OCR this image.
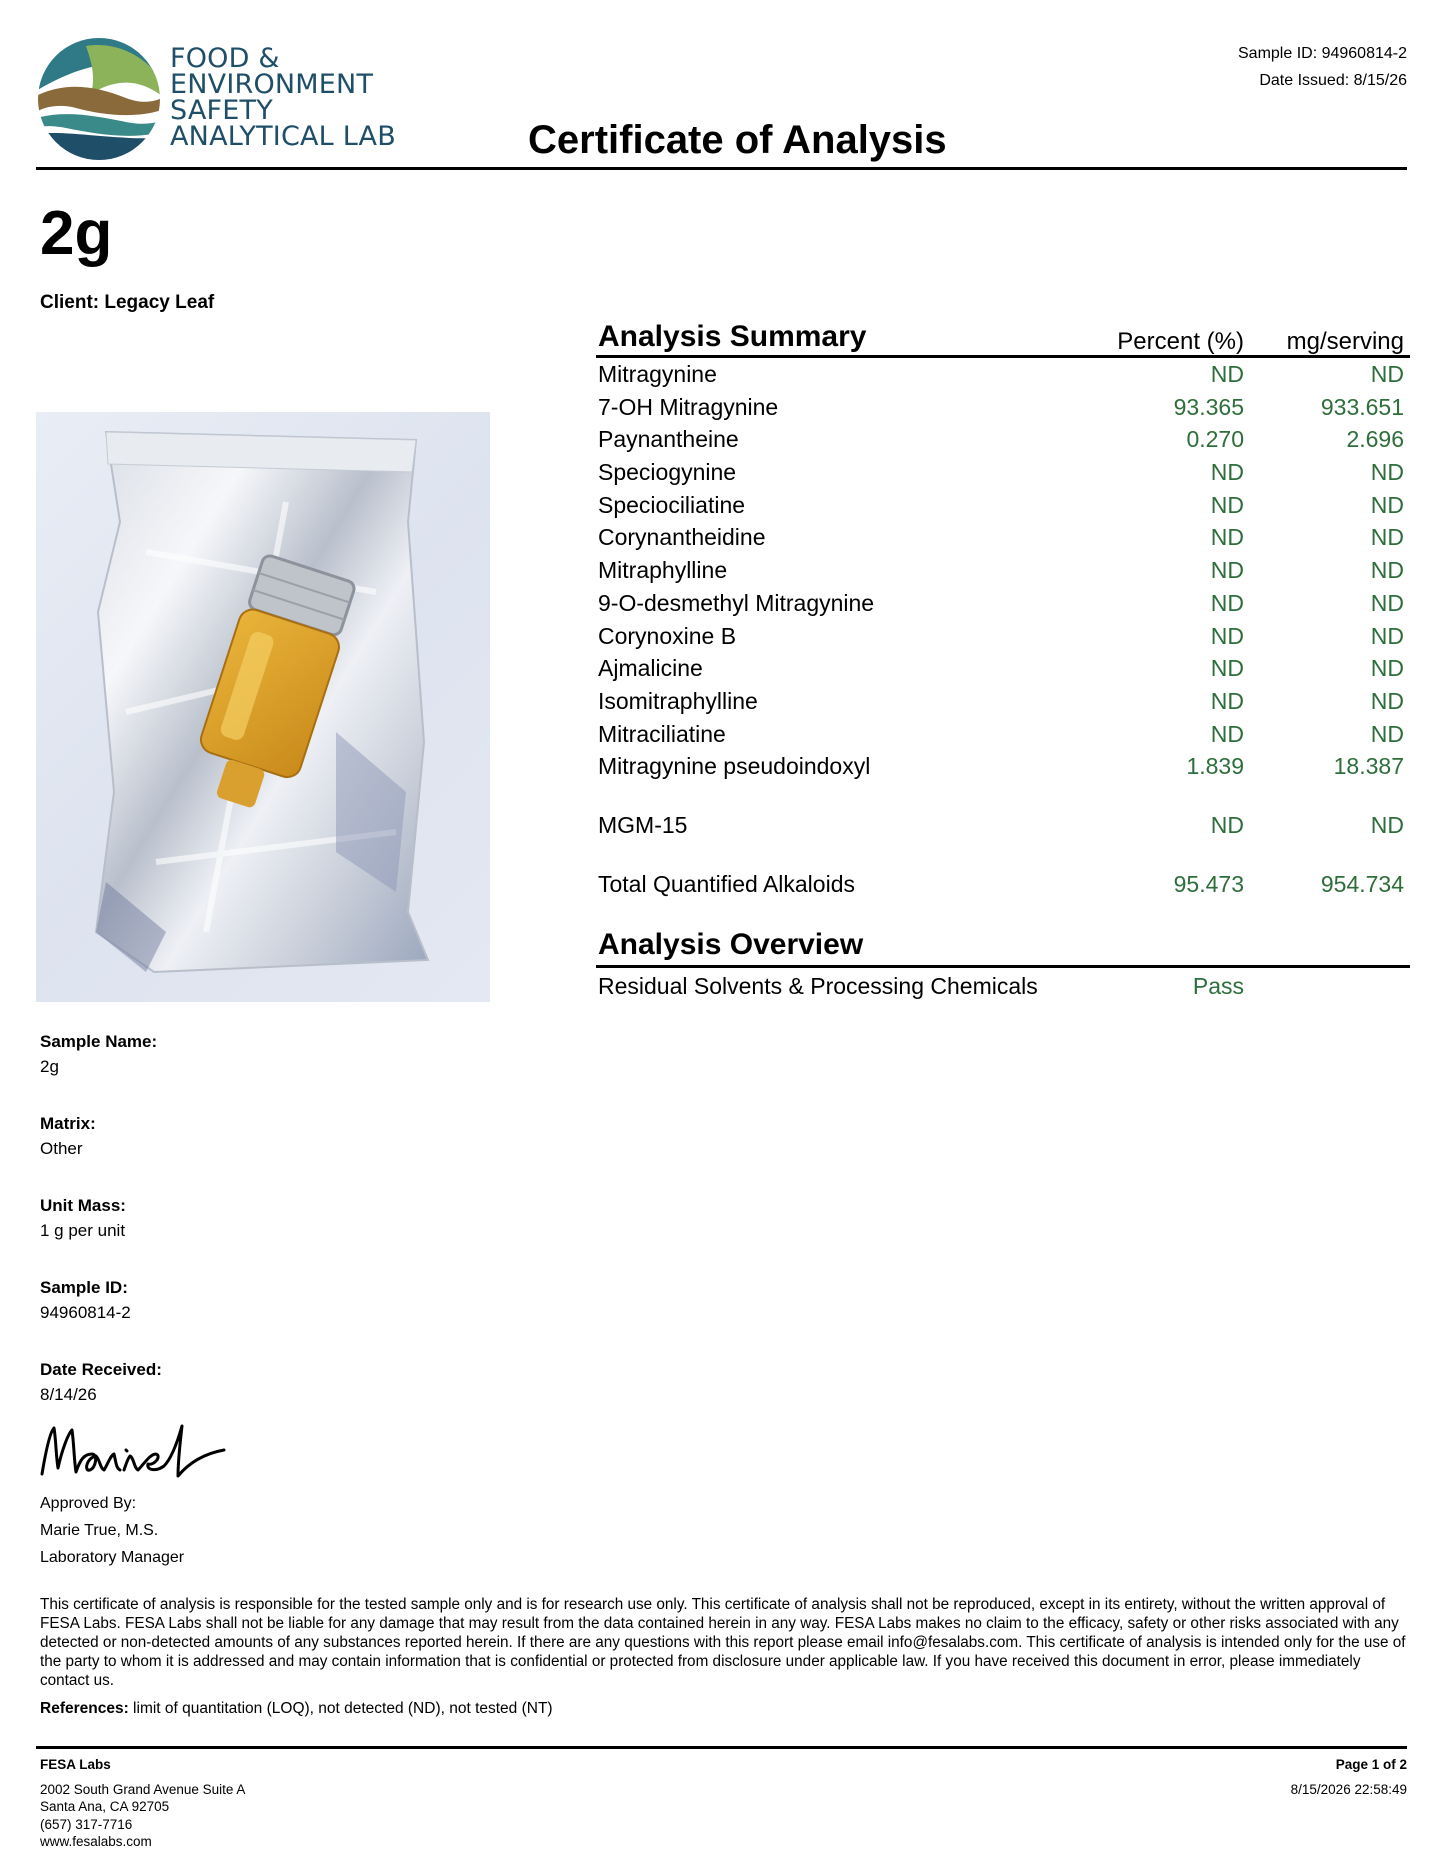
FOOD &
ENVIRONMENT
SAFETY
ANALYTICAL LAB
Sample ID: 94960814-2
Date Issued: 8/15/26
Certificate of Analysis
2g
Client: Legacy Leaf
Sample Name:
2g
Matrix:
Other
Unit Mass:
1 g per unit
Sample ID:
94960814-2
Date Received:
8/14/26
Approved By:
Marie True, M.S.
Laboratory Manager
Analysis Summary	Percent (%) mg/serving
Mitragynine	ND	ND
7-OH Mitragynine	93.365	933.651
Paynantheine	0.270	2.696
Speciogynine	ND	ND
Speciociliatine	ND	ND
Corynantheidine	ND	ND
Mitraphylline	ND	ND
9-O-desmethyl Mitragynine	ND	ND
Corynoxine B	ND	ND
Ajmalicine	ND	ND
Isomitraphylline	ND	ND
Mitraciliatine	ND	ND
Mitragynine pseudoindoxyl	1.839	18.387
MGM-15	ND	ND
Total Quantified Alkaloids	95.473	954.734
Analysis Overview
Residual Solvents & Processing Chemicals	Pass
This certificate of analysis is responsible for the tested sample only and is for research use only. This certificate of analysis shall not be reproduced, except in its entirety, without the written approval of FESA Labs. FESA Labs shall not be liable for any damage that may result from the data contained herein in any way. FESA Labs makes no claim to the efficacy, safety or other risks associated with any detected or non-detected amounts of any substances reported herein. If there are any questions with this report please email info@fesalabs.com. This certificate of analysis is intended only for the use of the party to whom it is addressed and may contain information that is confidential or protected from disclosure under applicable law. If you have received this document in error, please immediately contact us.
References: limit of quantitation (LOQ), not detected (ND), not tested (NT)
FESA Labs
2002 South Grand Avenue Suite A
Santa Ana, CA 92705
(657) 317-7716
www.fesalabs.com
Page 1 of 2
8/15/2026 22:58:49
